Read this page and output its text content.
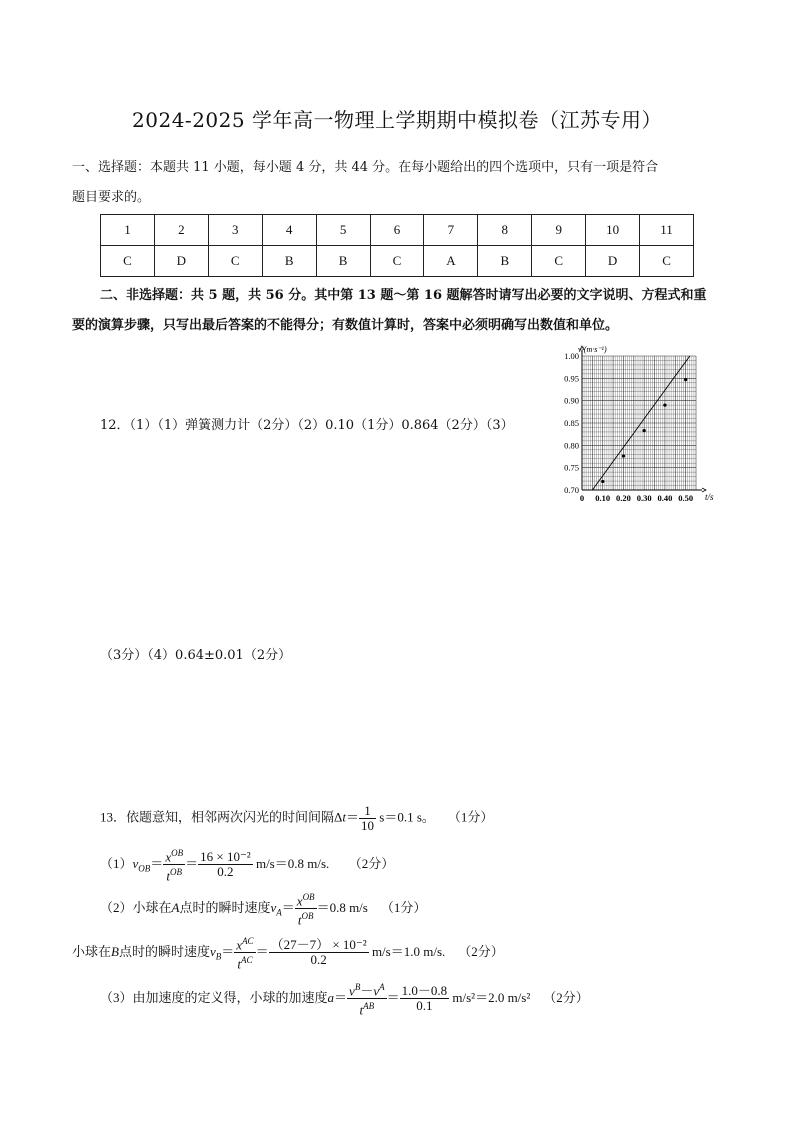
2024-2025 学年高一物理上学期期中模拟卷（江苏专用）
一、选择题：本题共 11 小题，每小题 4 分，共 44 分。在每小题给出的四个选项中，只有一项是符合
题目要求的。
1	2	3	4	5	6	7	8	9	10	11
C	D	C	B	B	C	A	B	C	D	C
二、非选择题：共 5 题，共 56 分。其中第 13 题～第 16 题解答时请写出必要的文字说明、方程式和重
要的演算步骤，只写出最后答案的不能得分；有数值计算时，答案中必须明确写出数值和单位。
12．（1）（1）弹簧测力计（2分）（2）0.10（1分）0.864（2分）（3）
0 0.10 0.20 0.30 0.40 0.50
0.70
0.75
0.80
0.85
0.90
0.95
1.00
v/(m·s⁻¹)
t/s
（3分）（4）0.64±0.01（2分）
13．依题意知，相邻两次闪光的时间间隔$\Delta t= \frac{1}{10} s=0.1$ s。 （1分）
$(1)v_{OB}= \frac{x^{OB}}{t^{OB}} = \frac{\text{16 × 10⁻²}}{0.2} m/s=0.8$ m/s. （2分）
（2）小球在A点时的瞬时速度$v_A= \frac{x^{OB}}{t^{OB}} =0.8$ m/s （1分）
小球在B点时的瞬时速度$v_B= \frac{x^{AC}}{t^{AC}} = \frac{\text{（27－7） × 10⁻²}}{0.2} m/s=1.0$ m/s. （2分）
（3）由加速度的定义得，小球的加速度$a= \frac{v^B-v^A}{t^{AB}} = \frac{1.0-0.8}{0.1} m/s^2=2.0$ m/s² （2分）
